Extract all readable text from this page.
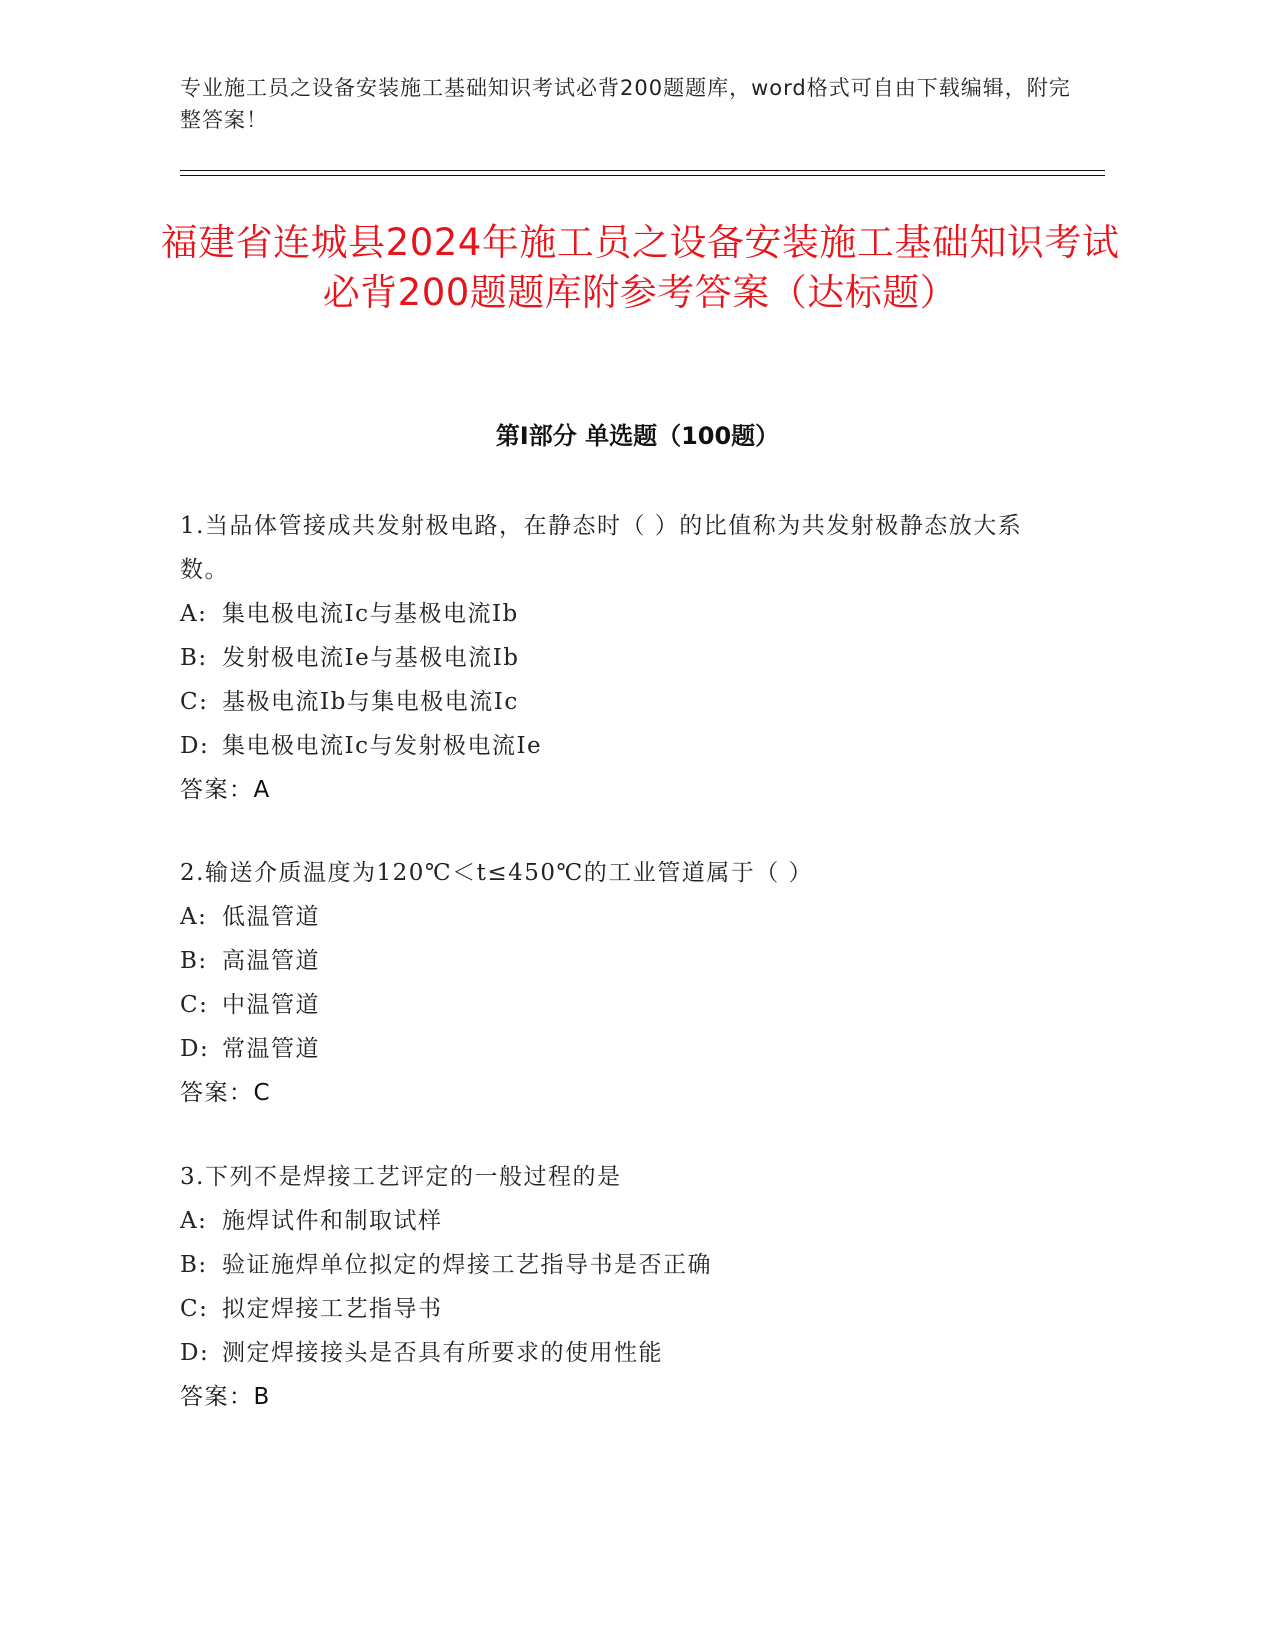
专业施工员之设备安装施工基础知识考试必背200题题库，word格式可自由下载编辑，附完整答案！
福建省连城县2024年施工员之设备安装施工基础知识考试必背200题题库附参考答案（达标题）
第I部分 单选题（100题）

1.当品体管接成共发射极电路，在静态时（ ）的比值称为共发射极静态放大系数。

A: 集电极电流Ic与基极电流Ib

B: 发射极电流Ie与基极电流Ib

C: 基极电流Ib与集电极电流Ic

D: 集电极电流Ic与发射极电流Ie

答案：A

2.输送介质温度为120℃＜t≤450℃的工业管道属于（ ）

A: 低温管道

B: 高温管道

C: 中温管道

D: 常温管道

答案：C

3.下列不是焊接工艺评定的一般过程的是

A: 施焊试件和制取试样

B: 验证施焊单位拟定的焊接工艺指导书是否正确

C: 拟定焊接工艺指导书

D: 测定焊接接头是否具有所要求的使用性能

答案：B
